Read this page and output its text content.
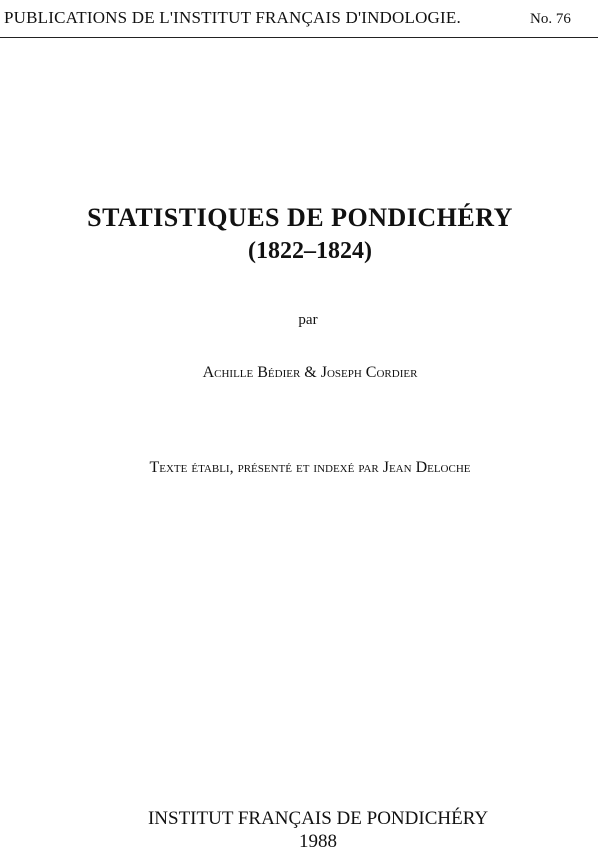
PUBLICATIONS DE L'INSTITUT FRANÇAIS D'INDOLOGIE.	No. 76
STATISTIQUES DE PONDICHÉRY
(1822–1824)
par
Achille Bédier & Joseph Cordier
Texte établi, présenté et indexé par Jean Deloche
INSTITUT FRANÇAIS DE PONDICHÉRY
1988
